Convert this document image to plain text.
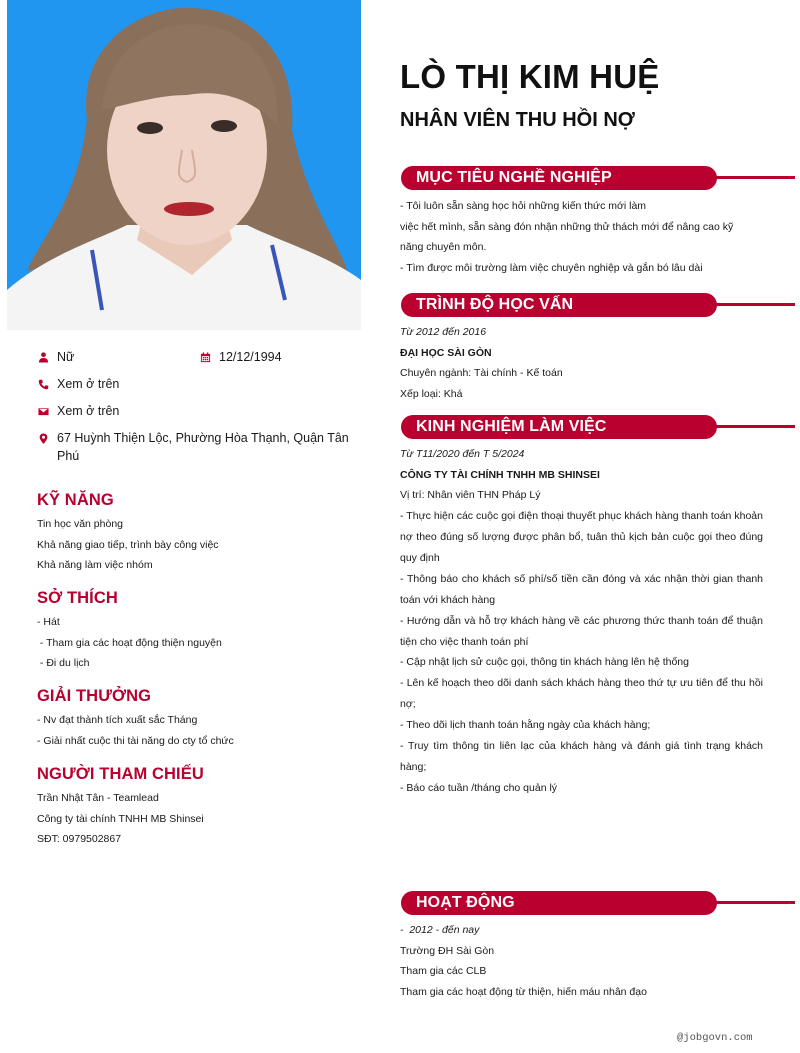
Nữ	12/12/1994
Xem ở trên
Xem ở trên
67 Huỳnh Thiện Lộc, Phường Hòa Thạnh, Quận Tân Phú
KỸ NĂNG
Tin học văn phòng
Khả năng giao tiếp, trình bày công việc
Khả năng làm việc nhóm
SỞ THÍCH
- Hát
- Tham gia các hoạt động thiện nguyện
- Đi du lịch
GIẢI THƯỞNG
- Nv đạt thành tích xuất sắc Tháng
- Giải nhất cuộc thi tài năng do cty tổ chức
NGƯỜI THAM CHIẾU
Trần Nhật Tân - Teamlead
Công ty tài chính TNHH MB Shinsei
SĐT: 0979502867
LÒ THỊ KIM HUỆ
NHÂN VIÊN THU HỒI NỢ
MỤC TIÊU NGHỀ NGHIỆP
- Tôi luôn sẵn sàng học hỏi những kiến thức mới làm
việc hết mình, sẵn sàng đón nhận những thử thách mới để nâng cao kỹ năng chuyên môn.
- Tìm được môi trường làm việc chuyên nghiệp và gắn bó lâu dài
TRÌNH ĐỘ HỌC VẤN
Từ 2012 đến 2016
ĐẠI HỌC SÀI GÒN
Chuyên ngành: Tài chính - Kế toán
Xếp loại: Khá
KINH NGHIỆM LÀM VIỆC
Từ T11/2020 đến T 5/2024
CÔNG TY TÀI CHÍNH TNHH MB SHINSEI
Vị trí: Nhân viên THN Pháp Lý
- Thực hiện các cuộc gọi điện thoại thuyết phục khách hàng thanh toán khoản nợ theo đúng số lượng được phân bổ, tuân thủ kịch bản cuộc gọi theo đúng quy định
- Thông báo cho khách số phí/số tiền cần đóng và xác nhận thời gian thanh toán với khách hàng
- Hướng dẫn và hỗ trợ khách hàng về các phương thức thanh toán để thuận tiện cho việc thanh toán phí
- Cập nhật lịch sử cuộc gọi, thông tin khách hàng lên hệ thống
- Lên kế hoạch theo dõi danh sách khách hàng theo thứ tự ưu tiên để thu hồi nợ;
- Theo dõi lịch thanh toán hằng ngày của khách hàng;
- Truy tìm thông tin liên lạc của khách hàng và đánh giá tình trạng khách hàng;
- Báo cáo tuần /tháng cho quản lý
HOẠT ĐỘNG
-  2012 - đến nay
Trường ĐH Sài Gòn
Tham gia các CLB
Tham gia các hoạt động từ thiện, hiến máu nhân đạo
@jobgovn.com
